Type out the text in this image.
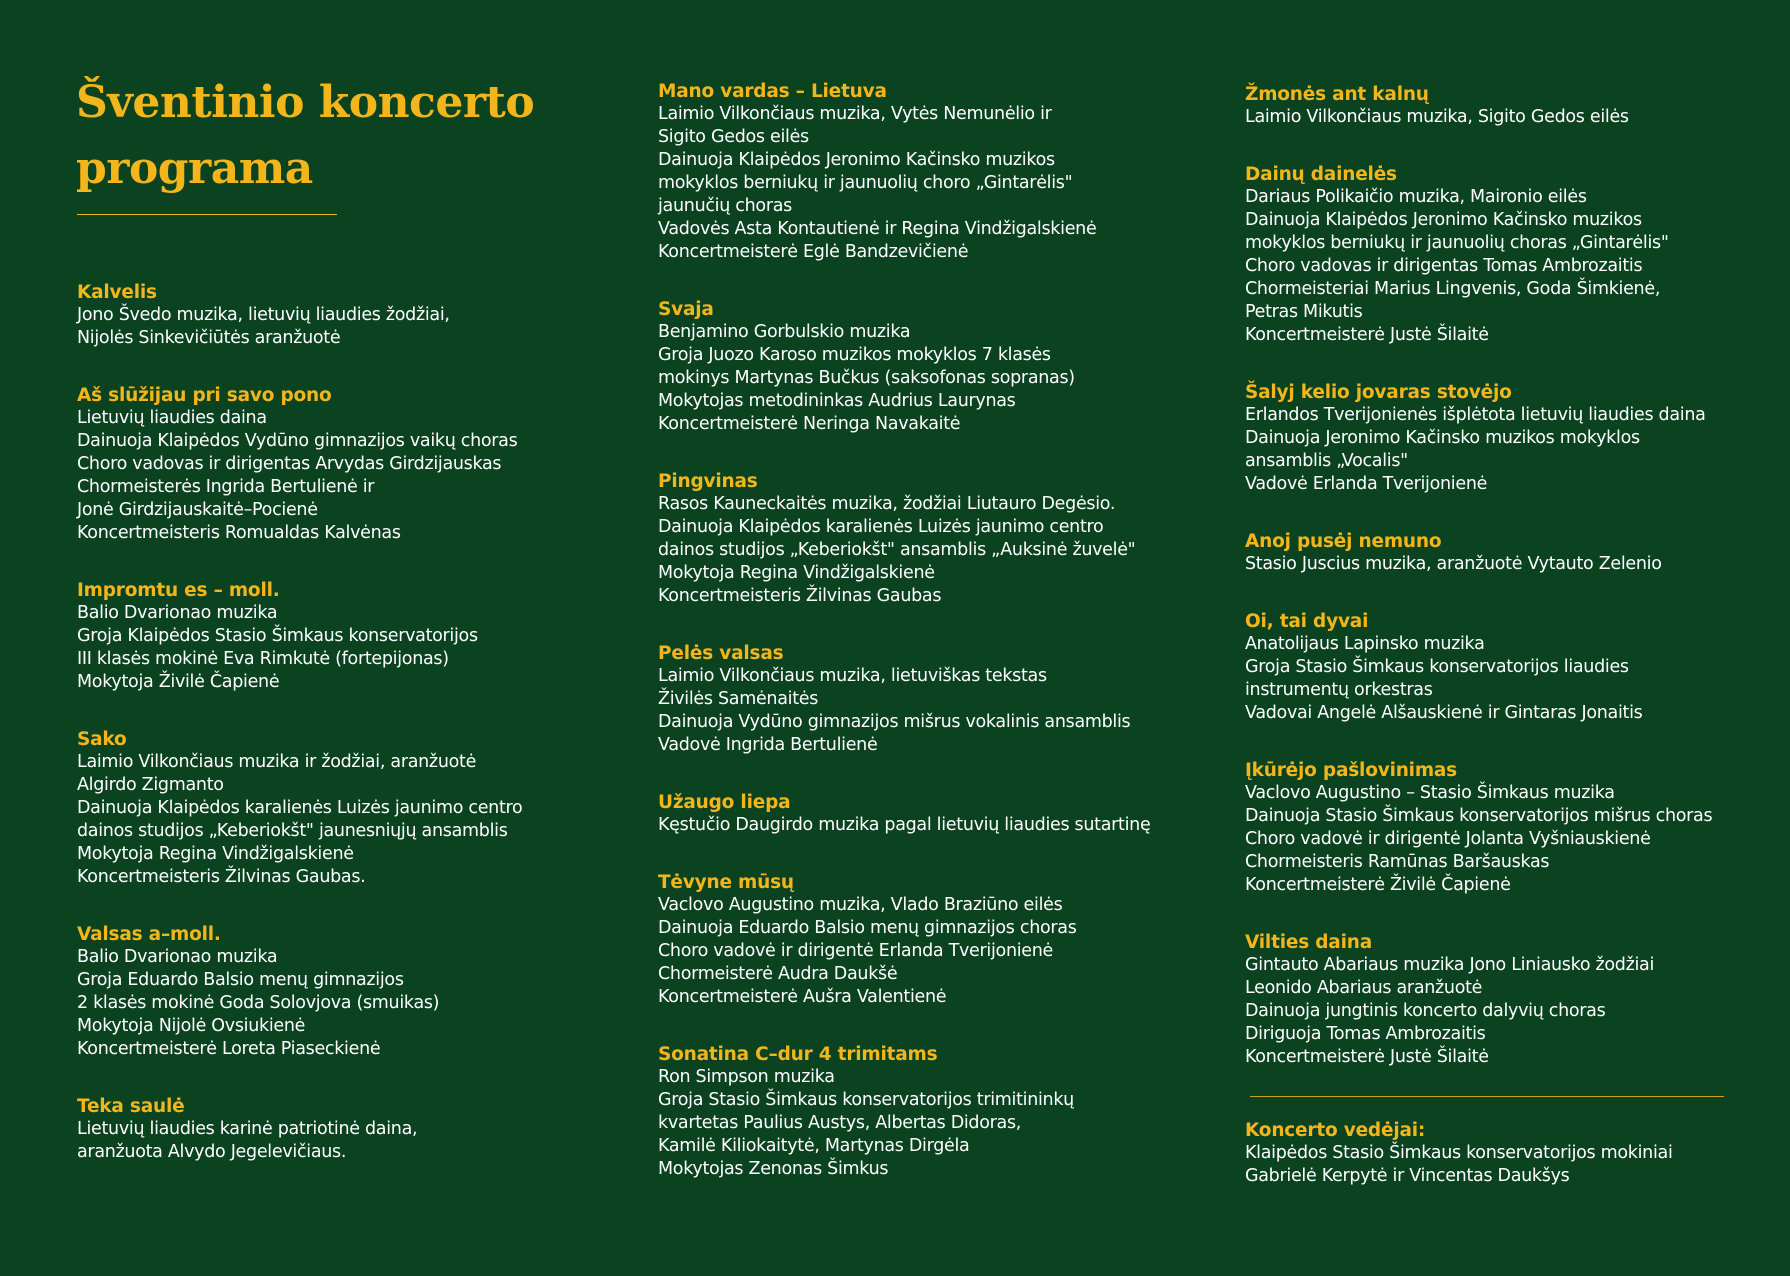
Šventinio koncerto
programa
Kalvelis
Jono Švedo muzika, lietuvių liaudies žodžiai,
Nijolės Sinkevičiūtės aranžuotė
Aš slūžijau pri savo pono
Lietuvių liaudies daina
Dainuoja Klaipėdos Vydūno gimnazijos vaikų choras
Choro vadovas ir dirigentas Arvydas Girdzijauskas
Chormeisterės Ingrida Bertulienė ir
Jonė Girdzijauskaitė–Pocienė
Koncertmeisteris Romualdas Kalvėnas
Impromtu es – moll.
Balio Dvarionao muzika
Groja Klaipėdos Stasio Šimkaus konservatorijos
III klasės mokinė Eva Rimkutė (fortepijonas)
Mokytoja Živilė Čapienė
Sako
Laimio Vilkončiaus muzika ir žodžiai, aranžuotė
Algirdo Zigmanto
Dainuoja Klaipėdos karalienės Luizės jaunimo centro
dainos studijos „Keberiokšt" jaunesniųjų ansamblis
Mokytoja Regina Vindžigalskienė
Koncertmeisteris Žilvinas Gaubas.
Valsas a–moll.
Balio Dvarionao muzika
Groja Eduardo Balsio menų gimnazijos
2 klasės mokinė Goda Solovjova (smuikas)
Mokytoja Nijolė Ovsiukienė
Koncertmeisterė Loreta Piaseckienė
Teka saulė
Lietuvių liaudies karinė patriotinė daina,
aranžuota Alvydo Jegelevičiaus.
Mano vardas – Lietuva
Laimio Vilkončiaus muzika, Vytės Nemunėlio ir
Sigito Gedos eilės
Dainuoja Klaipėdos Jeronimo Kačinsko muzikos
mokyklos berniukų ir jaunuolių choro „Gintarėlis"
jaunučių choras
Vadovės Asta Kontautienė ir Regina Vindžigalskienė
Koncertmeisterė Eglė Bandzevičienė
Svaja
Benjamino Gorbulskio muzika
Groja Juozo Karoso muzikos mokyklos 7 klasės
mokinys Martynas Bučkus (saksofonas sopranas)
Mokytojas metodininkas Audrius Laurynas
Koncertmeisterė Neringa Navakaitė
Pingvinas
Rasos Kauneckaitės muzika, žodžiai Liutauro Degėsio.
Dainuoja Klaipėdos karalienės Luizės jaunimo centro
dainos studijos „Keberiokšt" ansamblis „Auksinė žuvelė"
Mokytoja Regina Vindžigalskienė
Koncertmeisteris Žilvinas Gaubas
Pelės valsas
Laimio Vilkončiaus muzika, lietuviškas tekstas
Živilės Samėnaitės
Dainuoja Vydūno gimnazijos mišrus vokalinis ansamblis
Vadovė Ingrida Bertulienė
Užaugo liepa
Kęstučio Daugirdo muzika pagal lietuvių liaudies sutartinę
Tėvyne mūsų
Vaclovo Augustino muzika, Vlado Braziūno eilės
Dainuoja Eduardo Balsio menų gimnazijos choras
Choro vadovė ir dirigentė Erlanda Tverijonienė
Chormeisterė Audra Daukšė
Koncertmeisterė Aušra Valentienė
Sonatina C–dur 4 trimitams
Ron Simpson muzika
Groja Stasio Šimkaus konservatorijos trimitininkų
kvartetas Paulius Austys, Albertas Didoras,
Kamilė Kiliokaitytė, Martynas Dirgėla
Mokytojas Zenonas Šimkus
Žmonės ant kalnų
Laimio Vilkončiaus muzika, Sigito Gedos eilės
Dainų dainelės
Dariaus Polikaičio muzika, Maironio eilės
Dainuoja Klaipėdos Jeronimo Kačinsko muzikos
mokyklos berniukų ir jaunuolių choras „Gintarėlis"
Choro vadovas ir dirigentas Tomas Ambrozaitis
Chormeisteriai Marius Lingvenis, Goda Šimkienė,
Petras Mikutis
Koncertmeisterė Justė Šilaitė
Šalyj kelio jovaras stovėjo
Erlandos Tverijonienės išplėtota lietuvių liaudies daina
Dainuoja Jeronimo Kačinsko muzikos mokyklos
ansamblis „Vocalis"
Vadovė Erlanda Tverijonienė
Anoj pusėj nemuno
Stasio Juscius muzika, aranžuotė Vytauto Zelenio
Oi, tai dyvai
Anatolijaus Lapinsko muzika
Groja Stasio Šimkaus konservatorijos liaudies
instrumentų orkestras
Vadovai Angelė Alšauskienė ir Gintaras Jonaitis
Įkūrėjo pašlovinimas
Vaclovo Augustino – Stasio Šimkaus muzika
Dainuoja Stasio Šimkaus konservatorijos mišrus choras
Choro vadovė ir dirigentė Jolanta Vyšniauskienė
Chormeisteris Ramūnas Baršauskas
Koncertmeisterė Živilė Čapienė
Vilties daina
Gintauto Abariaus muzika Jono Liniausko žodžiai
Leonido Abariaus aranžuotė
Dainuoja jungtinis koncerto dalyvių choras
Diriguoja Tomas Ambrozaitis
Koncertmeisterė Justė Šilaitė
Koncerto vedėjai:
Klaipėdos Stasio Šimkaus konservatorijos mokiniai
Gabrielė Kerpytė ir Vincentas Daukšys
